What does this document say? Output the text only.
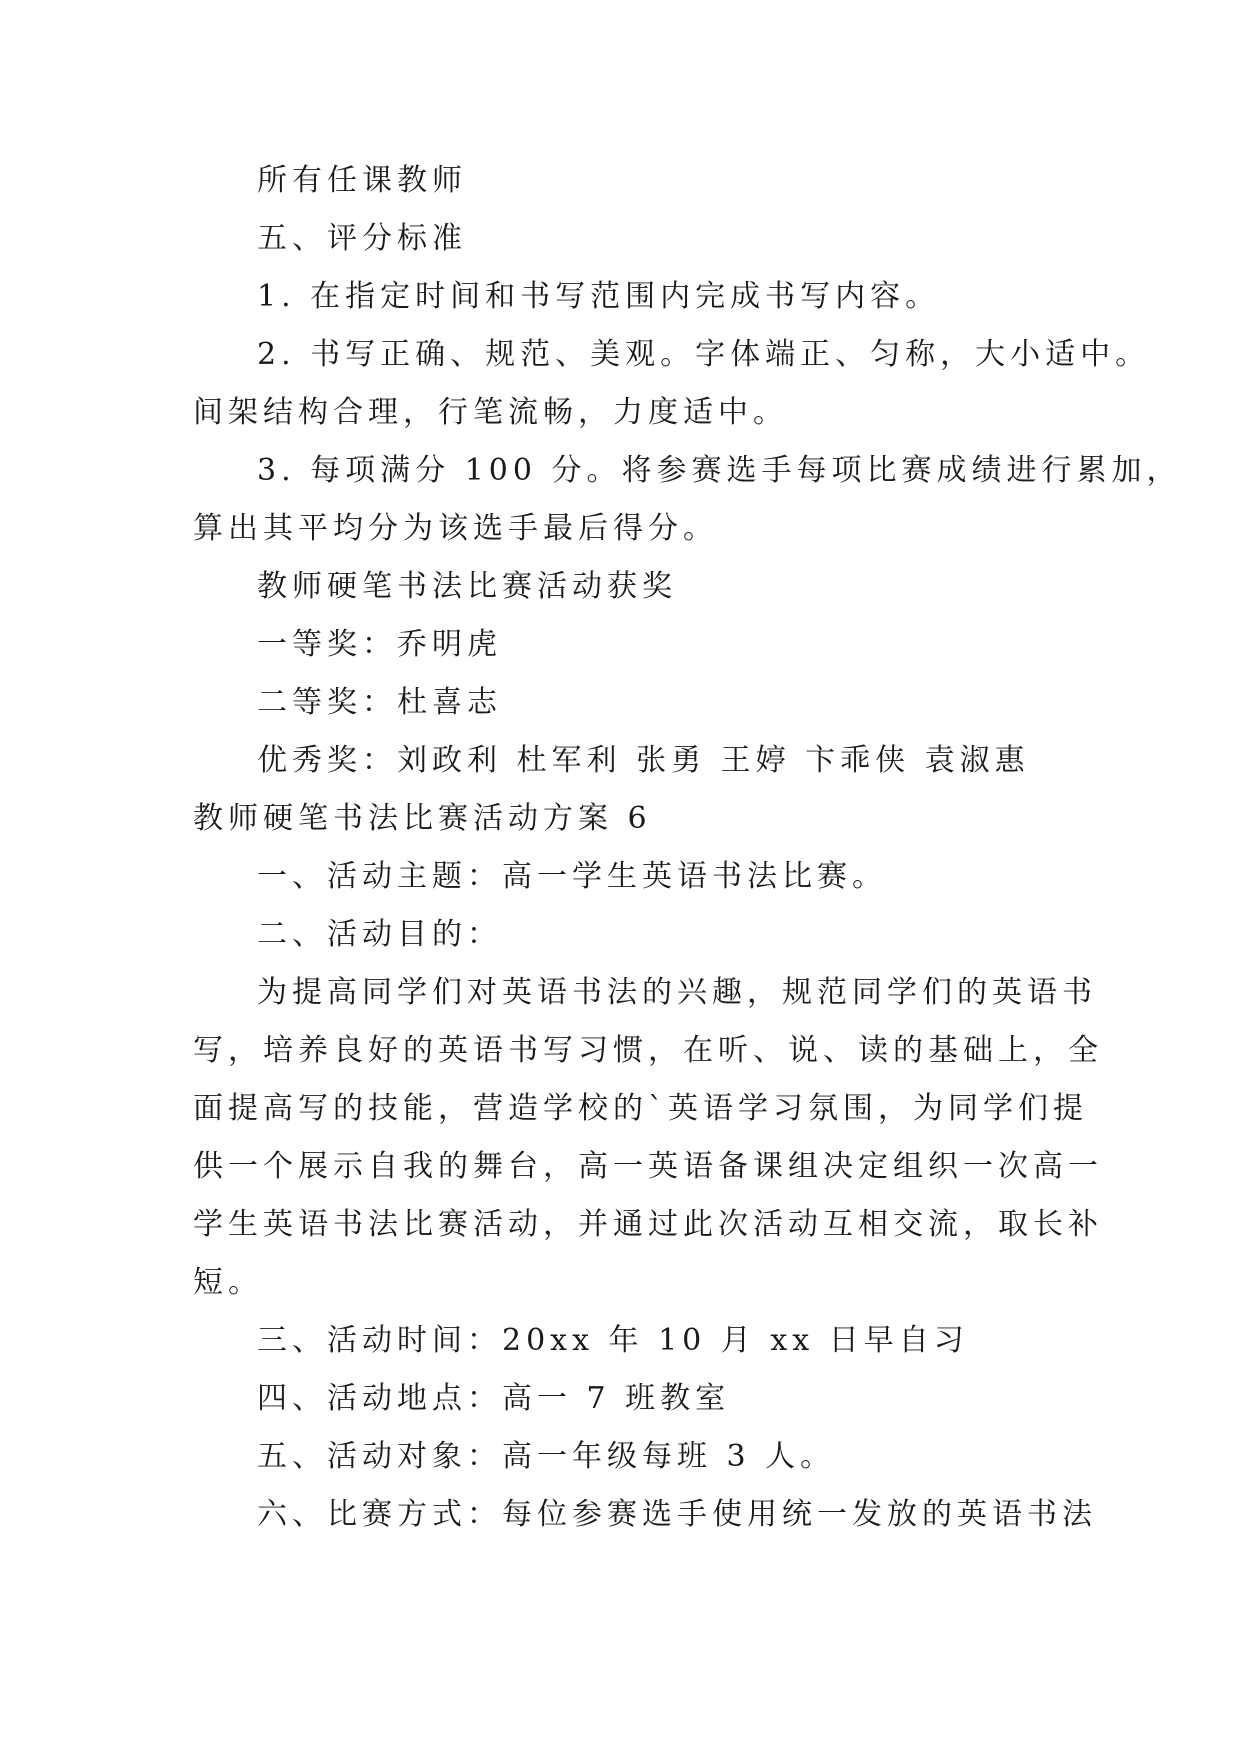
所有任课教师
五、评分标准
1. 在指定时间和书写范围内完成书写内容。
2. 书写正确、规范、美观。字体端正、匀称，大小适中。
间架结构合理，行笔流畅，力度适中。
3. 每项满分 100 分。将参赛选手每项比赛成绩进行累加，
算出其平均分为该选手最后得分。
教师硬笔书法比赛活动获奖
一等奖：乔明虎
二等奖：杜喜志
优秀奖：刘政利 杜军利 张勇 王婷 卞乖侠 袁淑惠
教师硬笔书法比赛活动方案 6
一、活动主题：高一学生英语书法比赛。
二、活动目的：
为提高同学们对英语书法的兴趣，规范同学们的英语书
写，培养良好的英语书写习惯，在听、说、读的基础上，全
面提高写的技能，营造学校的`英语学习氛围，为同学们提
供一个展示自我的舞台，高一英语备课组决定组织一次高一
学生英语书法比赛活动，并通过此次活动互相交流，取长补
短。
三、活动时间：20xx 年 10 月 xx 日早自习
四、活动地点：高一 7 班教室
五、活动对象：高一年级每班 3 人。
六、比赛方式：每位参赛选手使用统一发放的英语书法
